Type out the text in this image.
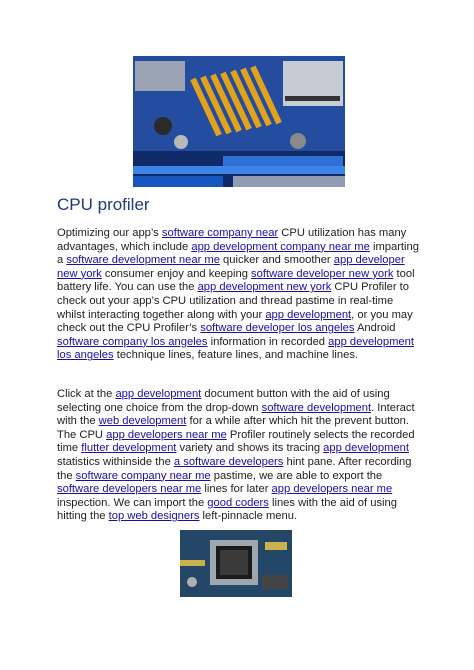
CPU profiler

Optimizing our app’s software company near CPU utilization has many advantages, which include app development company near me imparting a software development near me quicker and smoother app developer new york consumer enjoy and keeping software developer new york tool battery life. You can use the app development new york CPU Profiler to check out your app’s CPU utilization and thread pastime in real-time whilst interacting together along with your app development, or you may check out the CPU Profiler’s software developer los angeles Android software company los angeles information in recorded app development los angeles technique lines, feature lines, and machine lines.

Click at the app development document button with the aid of using selecting one choice from the drop-down software development. Interact with the web development for a while after which hit the prevent button. The CPU app developers near me Profiler routinely selects the recorded time flutter development variety and shows its tracing app development statistics withinside the a software developers hint pane. After recording the software company near me pastime, we are able to export the software developers near me lines for later app developers near me inspection. We can import the good coders lines with the aid of using hitting the top web designers left-pinnacle menu.
